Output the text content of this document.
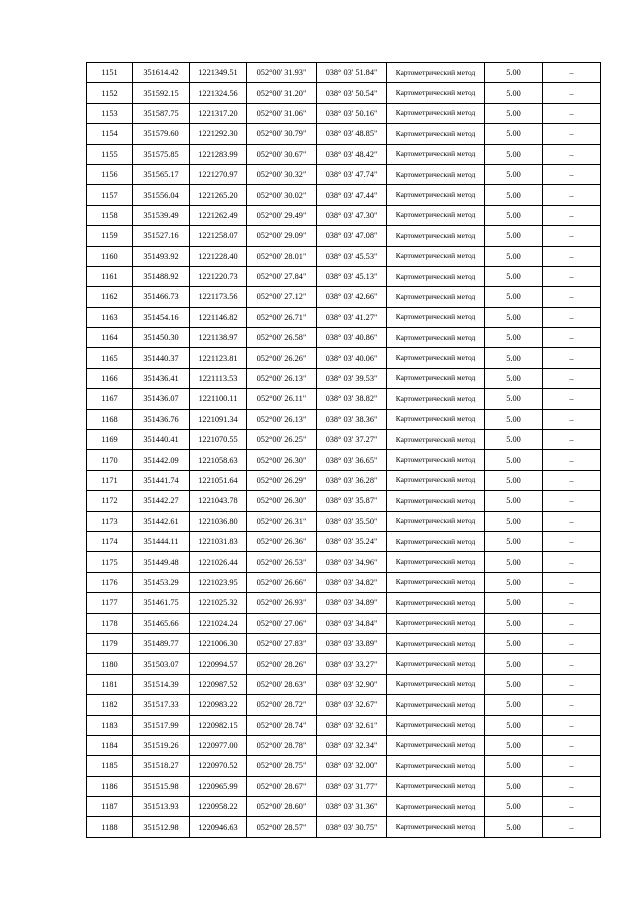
1151	351614.42	1221349.51	052°00' 31.93"	038° 03' 51.84"	Картометрический метод	5.00	–
1152	351592.15	1221324.56	052°00' 31.20"	038° 03' 50.54"	Картометрический метод	5.00	–
1153	351587.75	1221317.20	052°00' 31.06"	038° 03' 50.16"	Картометрический метод	5.00	–
1154	351579.60	1221292.30	052°00' 30.79"	038° 03' 48.85"	Картометрический метод	5.00	–
1155	351575.85	1221283.99	052°00' 30.67"	038° 03' 48.42"	Картометрический метод	5.00	–
1156	351565.17	1221270.97	052°00' 30.32"	038° 03' 47.74"	Картометрический метод	5.00	–
1157	351556.04	1221265.20	052°00' 30.02"	038° 03' 47.44"	Картометрический метод	5.00	–
1158	351539.49	1221262.49	052°00' 29.49"	038° 03' 47.30"	Картометрический метод	5.00	–
1159	351527.16	1221258.07	052°00' 29.09"	038° 03' 47.08"	Картометрический метод	5.00	–
1160	351493.92	1221228.40	052°00' 28.01"	038° 03' 45.53"	Картометрический метод	5.00	–
1161	351488.92	1221220.73	052°00' 27.84"	038° 03' 45.13"	Картометрический метод	5.00	–
1162	351466.73	1221173.56	052°00' 27.12"	038° 03' 42.66"	Картометрический метод	5.00	–
1163	351454.16	1221146.82	052°00' 26.71"	038° 03' 41.27"	Картометрический метод	5.00	–
1164	351450.30	1221138.97	052°00' 26.58"	038° 03' 40.86"	Картометрический метод	5.00	–
1165	351440.37	1221123.81	052°00' 26.26"	038° 03' 40.06"	Картометрический метод	5.00	–
1166	351436.41	1221113.53	052°00' 26.13"	038° 03' 39.53"	Картометрический метод	5.00	–
1167	351436.07	1221100.11	052°00' 26.11"	038° 03' 38.82"	Картометрический метод	5.00	–
1168	351436.76	1221091.34	052°00' 26.13"	038° 03' 38.36"	Картометрический метод	5.00	–
1169	351440.41	1221070.55	052°00' 26.25"	038° 03' 37.27"	Картометрический метод	5.00	–
1170	351442.09	1221058.63	052°00' 26.30"	038° 03' 36.65"	Картометрический метод	5.00	–
1171	351441.74	1221051.64	052°00' 26.29"	038° 03' 36.28"	Картометрический метод	5.00	–
1172	351442.27	1221043.78	052°00' 26.30"	038° 03' 35.87"	Картометрический метод	5.00	–
1173	351442.61	1221036.80	052°00' 26.31"	038° 03' 35.50"	Картометрический метод	5.00	–
1174	351444.11	1221031.83	052°00' 26.36"	038° 03' 35.24"	Картометрический метод	5.00	–
1175	351449.48	1221026.44	052°00' 26.53"	038° 03' 34.96"	Картометрический метод	5.00	–
1176	351453.29	1221023.95	052°00' 26.66"	038° 03' 34.82"	Картометрический метод	5.00	–
1177	351461.75	1221025.32	052°00' 26.93"	038° 03' 34.89"	Картометрический метод	5.00	–
1178	351465.66	1221024.24	052°00' 27.06"	038° 03' 34.84"	Картометрический метод	5.00	–
1179	351489.77	1221006.30	052°00' 27.83"	038° 03' 33.89"	Картометрический метод	5.00	–
1180	351503.07	1220994.57	052°00' 28.26"	038° 03' 33.27"	Картометрический метод	5.00	–
1181	351514.39	1220987.52	052°00' 28.63"	038° 03' 32.90"	Картометрический метод	5.00	–
1182	351517.33	1220983.22	052°00' 28.72"	038° 03' 32.67"	Картометрический метод	5.00	–
1183	351517.99	1220982.15	052°00' 28.74"	038° 03' 32.61"	Картометрический метод	5.00	–
1184	351519.26	1220977.00	052°00' 28.78"	038° 03' 32.34"	Картометрический метод	5.00	–
1185	351518.27	1220970.52	052°00' 28.75"	038° 03' 32.00"	Картометрический метод	5.00	–
1186	351515.98	1220965.99	052°00' 28.67"	038° 03' 31.77"	Картометрический метод	5.00	–
1187	351513.93	1220958.22	052°00' 28.60"	038° 03' 31.36"	Картометрический метод	5.00	–
1188	351512.98	1220946.63	052°00' 28.57"	038° 03' 30.75"	Картометрический метод	5.00	–
